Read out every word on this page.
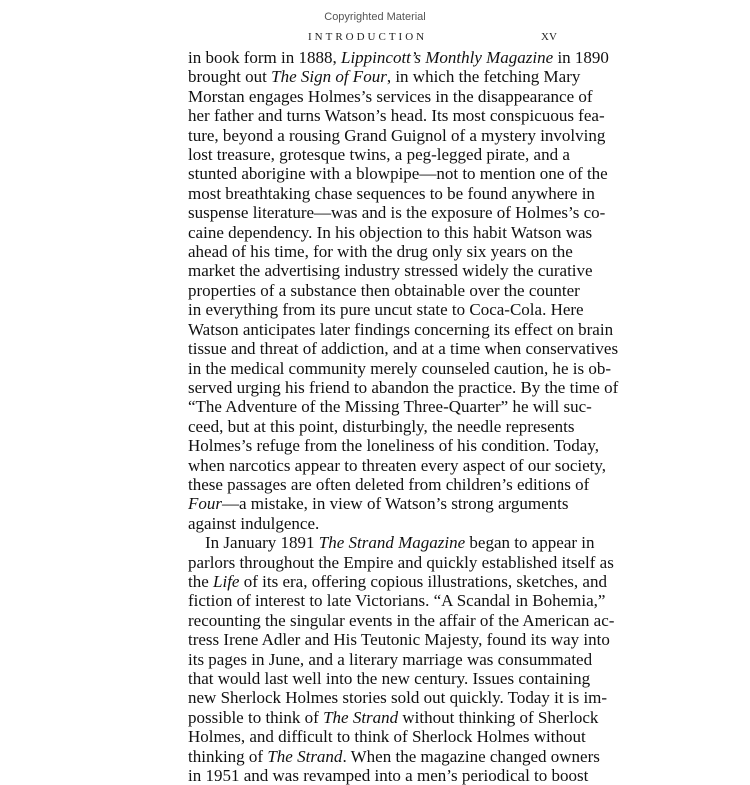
Copyrighted Material
INTRODUCTION	XV
in book form in 1888, Lippincott’s Monthly Magazine in 1890
brought out The Sign of Four, in which the fetching Mary
Morstan engages Holmes’s services in the disappearance of
her father and turns Watson’s head. Its most conspicuous fea-
ture, beyond a rousing Grand Guignol of a mystery involving
lost treasure, grotesque twins, a peg-legged pirate, and a
stunted aborigine with a blowpipe—not to mention one of the
most breathtaking chase sequences to be found anywhere in
suspense literature—was and is the exposure of Holmes’s co-
caine dependency. In his objection to this habit Watson was
ahead of his time, for with the drug only six years on the
market the advertising industry stressed widely the curative
properties of a substance then obtainable over the counter
in everything from its pure uncut state to Coca-Cola. Here
Watson anticipates later findings concerning its effect on brain
tissue and threat of addiction, and at a time when conservatives
in the medical community merely counseled caution, he is ob-
served urging his friend to abandon the practice. By the time of
“The Adventure of the Missing Three-Quarter” he will suc-
ceed, but at this point, disturbingly, the needle represents
Holmes’s refuge from the loneliness of his condition. Today,
when narcotics appear to threaten every aspect of our society,
these passages are often deleted from children’s editions of
Four—a mistake, in view of Watson’s strong arguments
against indulgence.
In January 1891 The Strand Magazine began to appear in
parlors throughout the Empire and quickly established itself as
the Life of its era, offering copious illustrations, sketches, and
fiction of interest to late Victorians. “A Scandal in Bohemia,”
recounting the singular events in the affair of the American ac-
tress Irene Adler and His Teutonic Majesty, found its way into
its pages in June, and a literary marriage was consummated
that would last well into the new century. Issues containing
new Sherlock Holmes stories sold out quickly. Today it is im-
possible to think of The Strand without thinking of Sherlock
Holmes, and difficult to think of Sherlock Holmes without
thinking of The Strand. When the magazine changed owners
in 1951 and was revamped into a men’s periodical to boost
